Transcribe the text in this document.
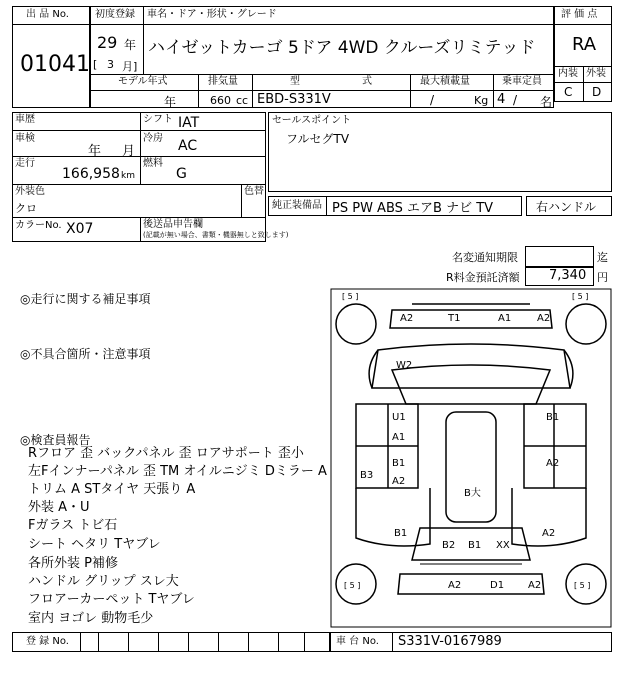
出 品 No.
01041
初度登録
29 年
[ 3 月]
車名・ドア・形状・グレード
ハイゼットカーゴ 5ドア 4WD クルーズリミテッド
モデル年式
年
排気量
660 cc
型	式
EBD-S331V
最大積載量
/	Kg
乗車定員
4 / 名
評 価 点
RA
内装 外装
C D
車歴	シフト IAT
車検
年 月
冷房 AC
走行
166,958 km
燃料
G
外装色
クロ
色替
カラーNo. X07	後送品申告欄
(記載が無い場合、書類・機器無しと致します)
セールスポイント
フルセグTV
純正装備品 PS PW ABS エアB ナビ TV	右ハンドル
名変通知期限	迄
R料金預託済額 7,340 円
◎走行に関する補足事項
◎不具合箇所・注意事項
◎検査員報告
Rフロア 歪 バックパネル 歪 ロアサポート 歪小
左Fインナーパネル 歪 TM オイルニジミ Dミラー A
トリム A STタイヤ 天張り A
外装 A・U
Fガラス トビ石
シート ヘタリ Tヤブレ
各所外装 P補修
ハンドル グリップ スレ大
フロアーカーペット Tヤブレ
室内 ヨゴレ 動物毛少
[ 5 ]	[ 5 ]
[ 5 ]	[ 5 ]
A2	T1	A1	A2
W2
U1
A1
B1
B1
A2
A2
B3
B大
B1	A2
B2 B1 XX
A2	D1 A2
登 録 No.	車 台 No. S331V-0167989
